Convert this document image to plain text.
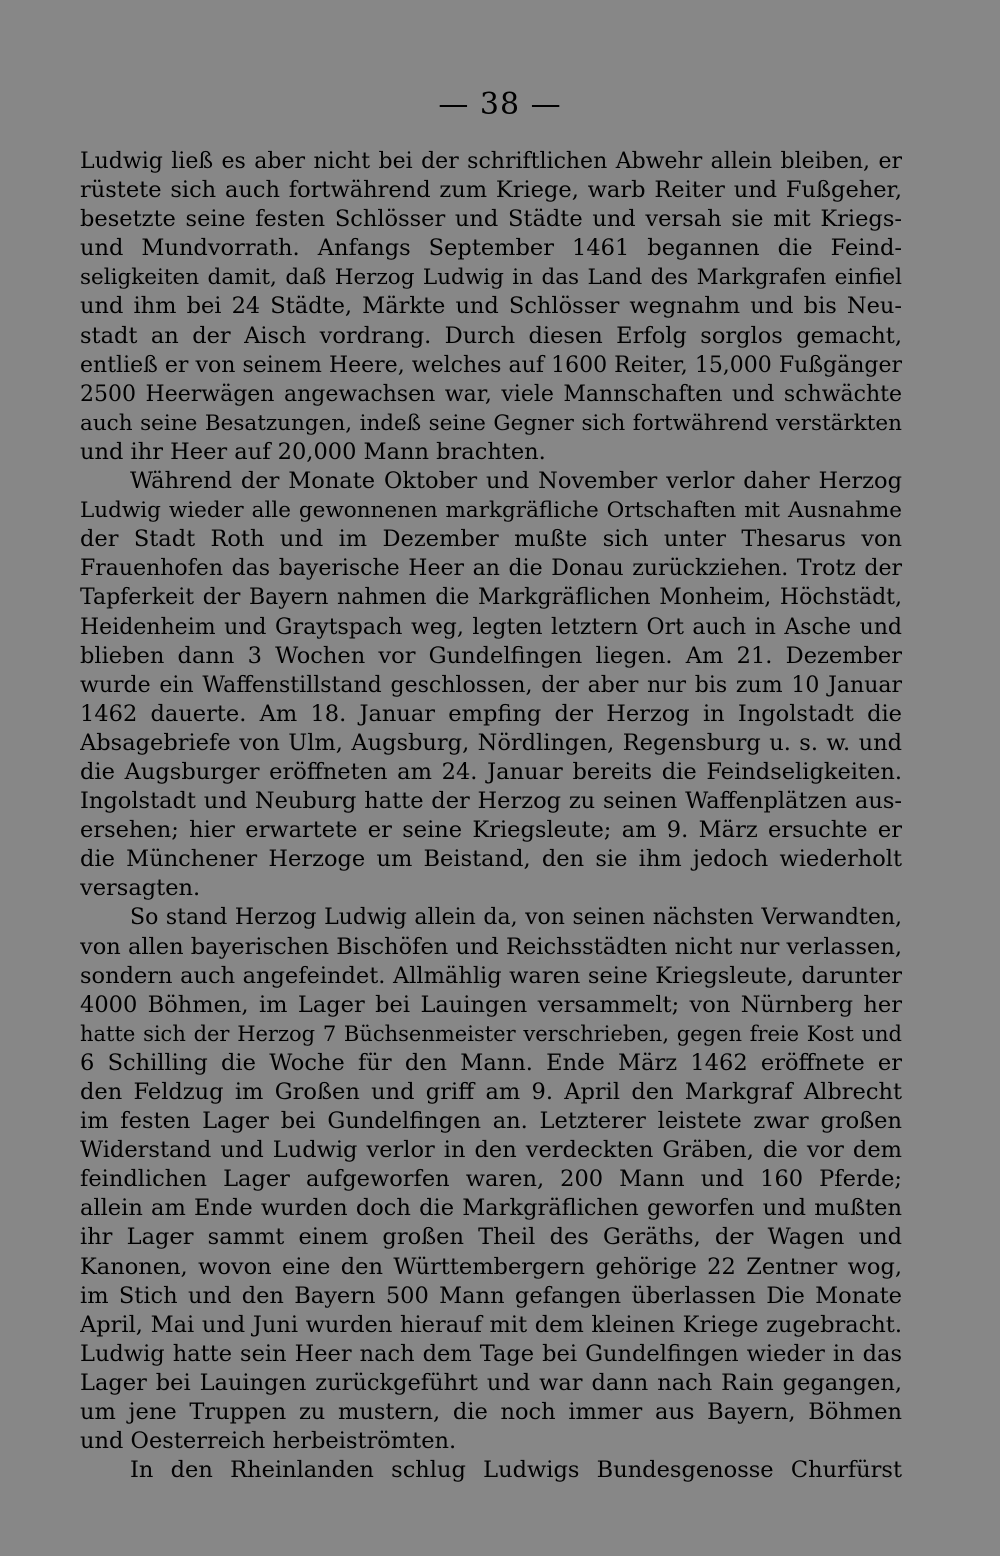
— 38 —
Ludwig ließ es aber nicht bei der schriftlichen Abwehr allein bleiben, er
rüstete sich auch fortwährend zum Kriege, warb Reiter und Fußgeher,
besetzte seine festen Schlösser und Städte und versah sie mit Kriegs-
und Mundvorrath. Anfangs September 1461 begannen die Feind-
seligkeiten damit, daß Herzog Ludwig in das Land des Markgrafen einfiel
und ihm bei 24 Städte, Märkte und Schlösser wegnahm und bis Neu-
stadt an der Aisch vordrang. Durch diesen Erfolg sorglos gemacht,
entließ er von seinem Heere, welches auf 1600 Reiter, 15,000 Fußgänger
2500 Heerwägen angewachsen war, viele Mannschaften und schwächte
auch seine Besatzungen, indeß seine Gegner sich fortwährend verstärkten
und ihr Heer auf 20,000 Mann brachten.
Während der Monate Oktober und November verlor daher Herzog
Ludwig wieder alle gewonnenen markgräfliche Ortschaften mit Ausnahme
der Stadt Roth und im Dezember mußte sich unter Thesarus von
Frauenhofen das bayerische Heer an die Donau zurückziehen. Trotz der
Tapferkeit der Bayern nahmen die Markgräflichen Monheim, Höchstädt,
Heidenheim und Graytspach weg, legten letztern Ort auch in Asche und
blieben dann 3 Wochen vor Gundelfingen liegen. Am 21. Dezember
wurde ein Waffenstillstand geschlossen, der aber nur bis zum 10 Januar
1462 dauerte. Am 18. Januar empfing der Herzog in Ingolstadt die
Absagebriefe von Ulm, Augsburg, Nördlingen, Regensburg u. s. w. und
die Augsburger eröffneten am 24. Januar bereits die Feindseligkeiten.
Ingolstadt und Neuburg hatte der Herzog zu seinen Waffenplätzen aus-
ersehen; hier erwartete er seine Kriegsleute; am 9. März ersuchte er
die Münchener Herzoge um Beistand, den sie ihm jedoch wiederholt
versagten.
So stand Herzog Ludwig allein da, von seinen nächsten Verwandten,
von allen bayerischen Bischöfen und Reichsstädten nicht nur verlassen,
sondern auch angefeindet. Allmählig waren seine Kriegsleute, darunter
4000 Böhmen, im Lager bei Lauingen versammelt; von Nürnberg her
hatte sich der Herzog 7 Büchsenmeister verschrieben, gegen freie Kost und
6 Schilling die Woche für den Mann. Ende März 1462 eröffnete er
den Feldzug im Großen und griff am 9. April den Markgraf Albrecht
im festen Lager bei Gundelfingen an. Letzterer leistete zwar großen
Widerstand und Ludwig verlor in den verdeckten Gräben, die vor dem
feindlichen Lager aufgeworfen waren, 200 Mann und 160 Pferde;
allein am Ende wurden doch die Markgräflichen geworfen und mußten
ihr Lager sammt einem großen Theil des Geräths, der Wagen und
Kanonen, wovon eine den Württembergern gehörige 22 Zentner wog,
im Stich und den Bayern 500 Mann gefangen überlassen Die Monate
April, Mai und Juni wurden hierauf mit dem kleinen Kriege zugebracht.
Ludwig hatte sein Heer nach dem Tage bei Gundelfingen wieder in das
Lager bei Lauingen zurückgeführt und war dann nach Rain gegangen,
um jene Truppen zu mustern, die noch immer aus Bayern, Böhmen
und Oesterreich herbeiströmten.
In den Rheinlanden schlug Ludwigs Bundesgenosse Churfürst
